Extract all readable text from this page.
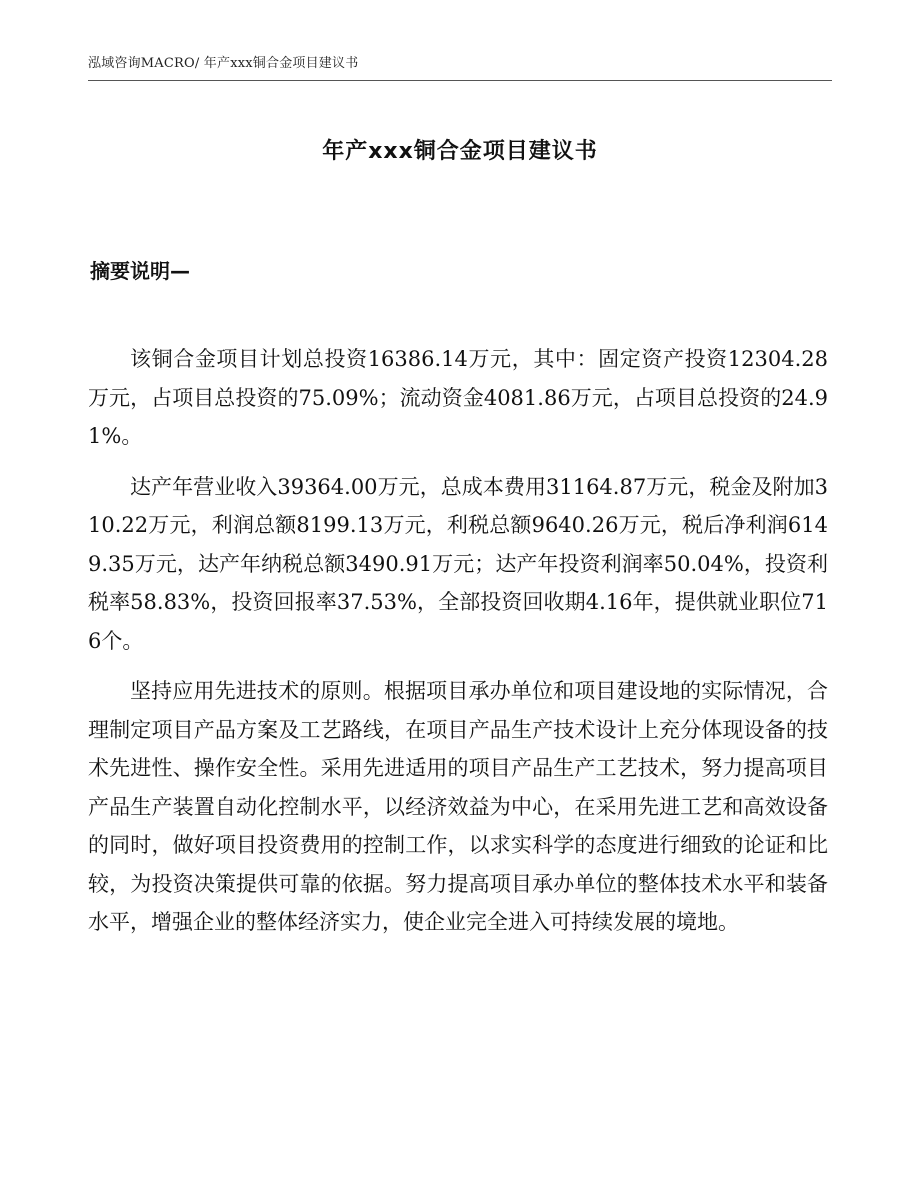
泓域咨询MACRO/ 年产xxx铜合金项目建议书
年产xxx铜合金项目建议书
摘要说明—

该铜合金项目计划总投资16386.14万元，其中：固定资产投资12304.28万元，占项目总投资的75.09%；流动资金4081.86万元，占项目总投资的24.91%。

达产年营业收入39364.00万元，总成本费用31164.87万元，税金及附加310.22万元，利润总额8199.13万元，利税总额9640.26万元，税后净利润6149.35万元，达产年纳税总额3490.91万元；达产年投资利润率50.04%，投资利税率58.83%，投资回报率37.53%，全部投资回收期4.16年，提供就业职位716个。

坚持应用先进技术的原则。根据项目承办单位和项目建设地的实际情况，合理制定项目产品方案及工艺路线，在项目产品生产技术设计上充分体现设备的技术先进性、操作安全性。采用先进适用的项目产品生产工艺技术，努力提高项目产品生产装置自动化控制水平，以经济效益为中心，在采用先进工艺和高效设备的同时，做好项目投资费用的控制工作，以求实科学的态度进行细致的论证和比较，为投资决策提供可靠的依据。努力提高项目承办单位的整体技术水平和装备水平，增强企业的整体经济实力，使企业完全进入可持续发展的境地。
